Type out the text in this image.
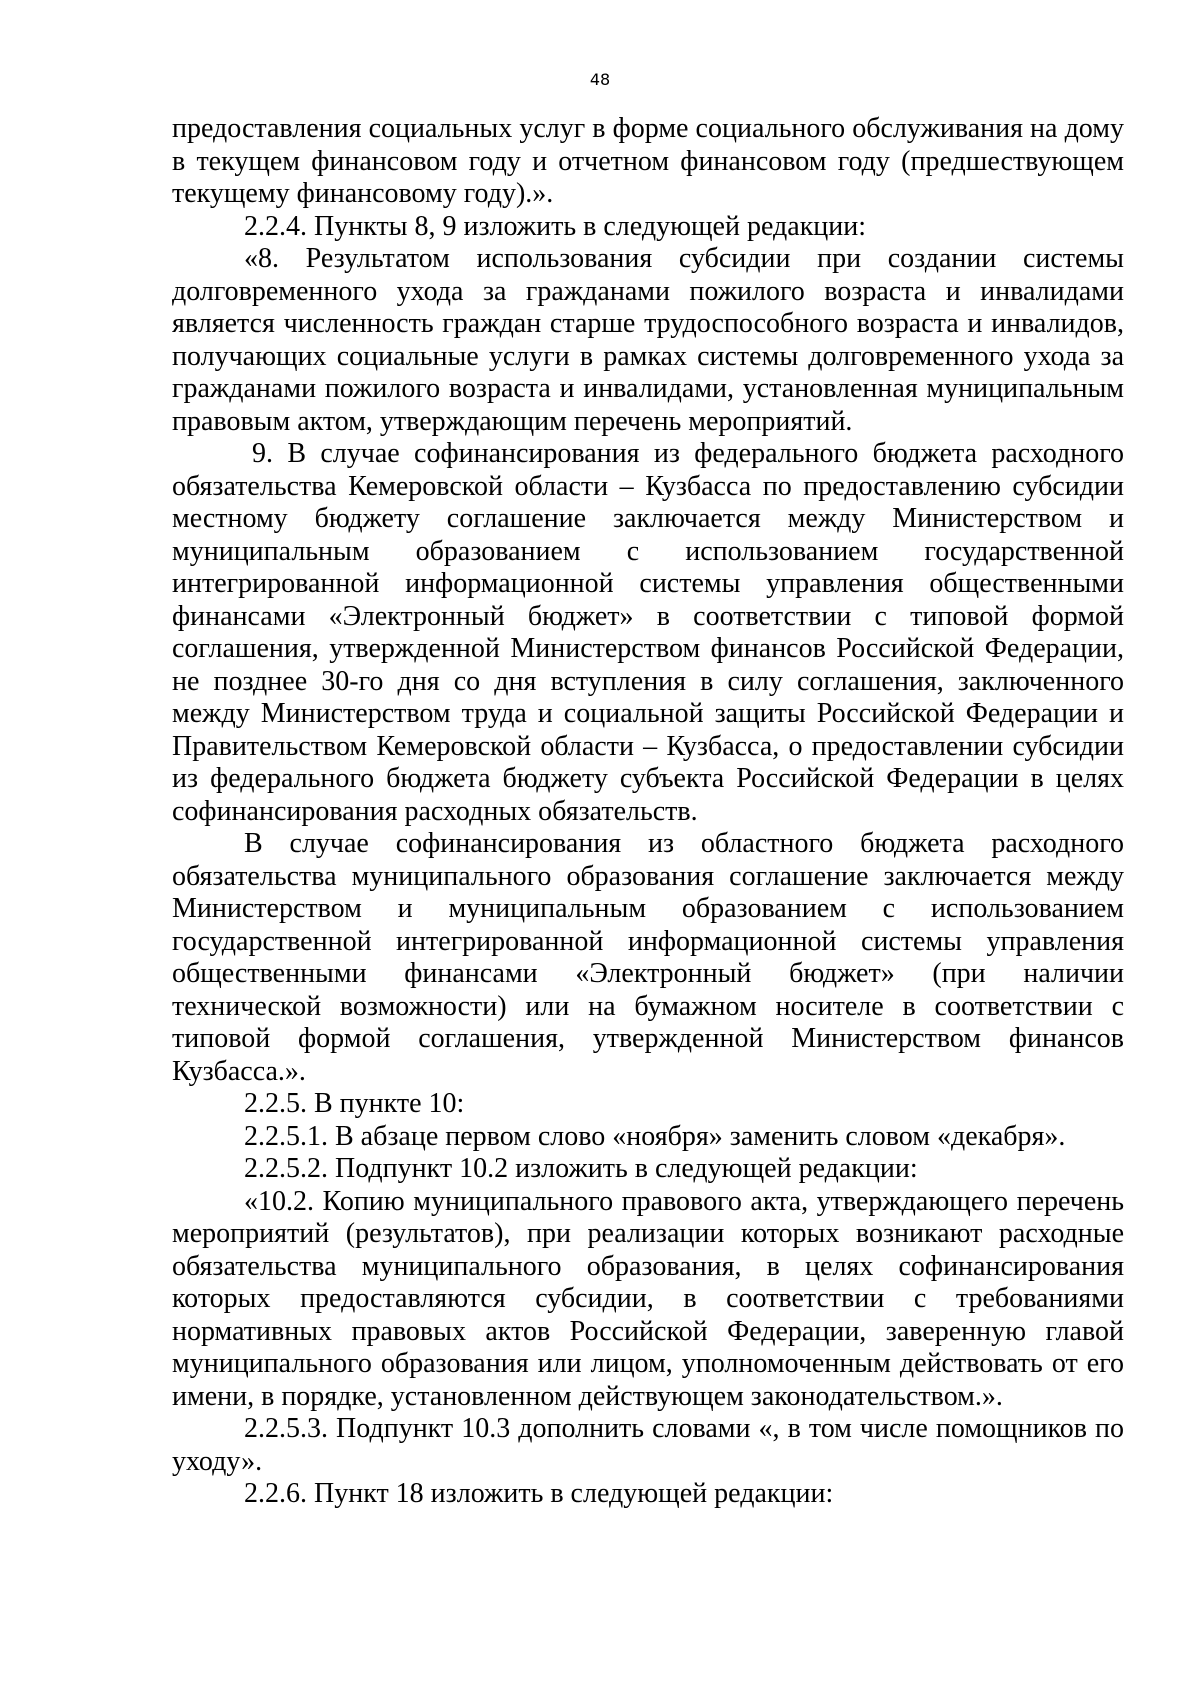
48

предоставления социальных услуг в форме социального обслуживания на дому в текущем финансовом году и отчетном финансовом году (предшествующем текущему финансовому году).».

2.2.4. Пункты 8, 9 изложить в следующей редакции:

«8. Результатом использования субсидии при создании системы долговременного ухода за гражданами пожилого возраста и инвалидами является численность граждан старше трудоспособного возраста и инвалидов, получающих социальные услуги в рамках системы долговременного ухода за гражданами пожилого возраста и инвалидами, установленная муниципальным правовым актом, утверждающим перечень мероприятий.

9. В случае софинансирования из федерального бюджета расходного обязательства Кемеровской области – Кузбасса по предоставлению субсидии местному бюджету соглашение заключается между Министерством и муниципальным образованием с использованием государственной интегрированной информационной системы управления общественными финансами «Электронный бюджет» в соответствии с типовой формой соглашения, утвержденной Министерством финансов Российской Федерации, не позднее 30-го дня со дня вступления в силу соглашения, заключенного между Министерством труда и социальной защиты Российской Федерации и Правительством Кемеровской области – Кузбасса, о предоставлении субсидии из федерального бюджета бюджету субъекта Российской Федерации в целях софинансирования расходных обязательств.

В случае софинансирования из областного бюджета расходного обязательства муниципального образования соглашение заключается между Министерством и муниципальным образованием с использованием государственной интегрированной информационной системы управления общественными финансами «Электронный бюджет» (при наличии технической возможности) или на бумажном носителе в соответствии с типовой формой соглашения, утвержденной Министерством финансов Кузбасса.».

2.2.5. В пункте 10:

2.2.5.1. В абзаце первом слово «ноября» заменить словом «декабря».

2.2.5.2. Подпункт 10.2 изложить в следующей редакции:

«10.2. Копию муниципального правового акта, утверждающего перечень мероприятий (результатов), при реализации которых возникают расходные обязательства муниципального образования, в целях софинансирования которых предоставляются субсидии, в соответствии с требованиями нормативных правовых актов Российской Федерации, заверенную главой муниципального образования или лицом, уполномоченным действовать от его имени, в порядке, установленном действующем законодательством.».

2.2.5.3. Подпункт 10.3 дополнить словами «, в том числе помощников по уходу».

2.2.6. Пункт 18 изложить в следующей редакции:
